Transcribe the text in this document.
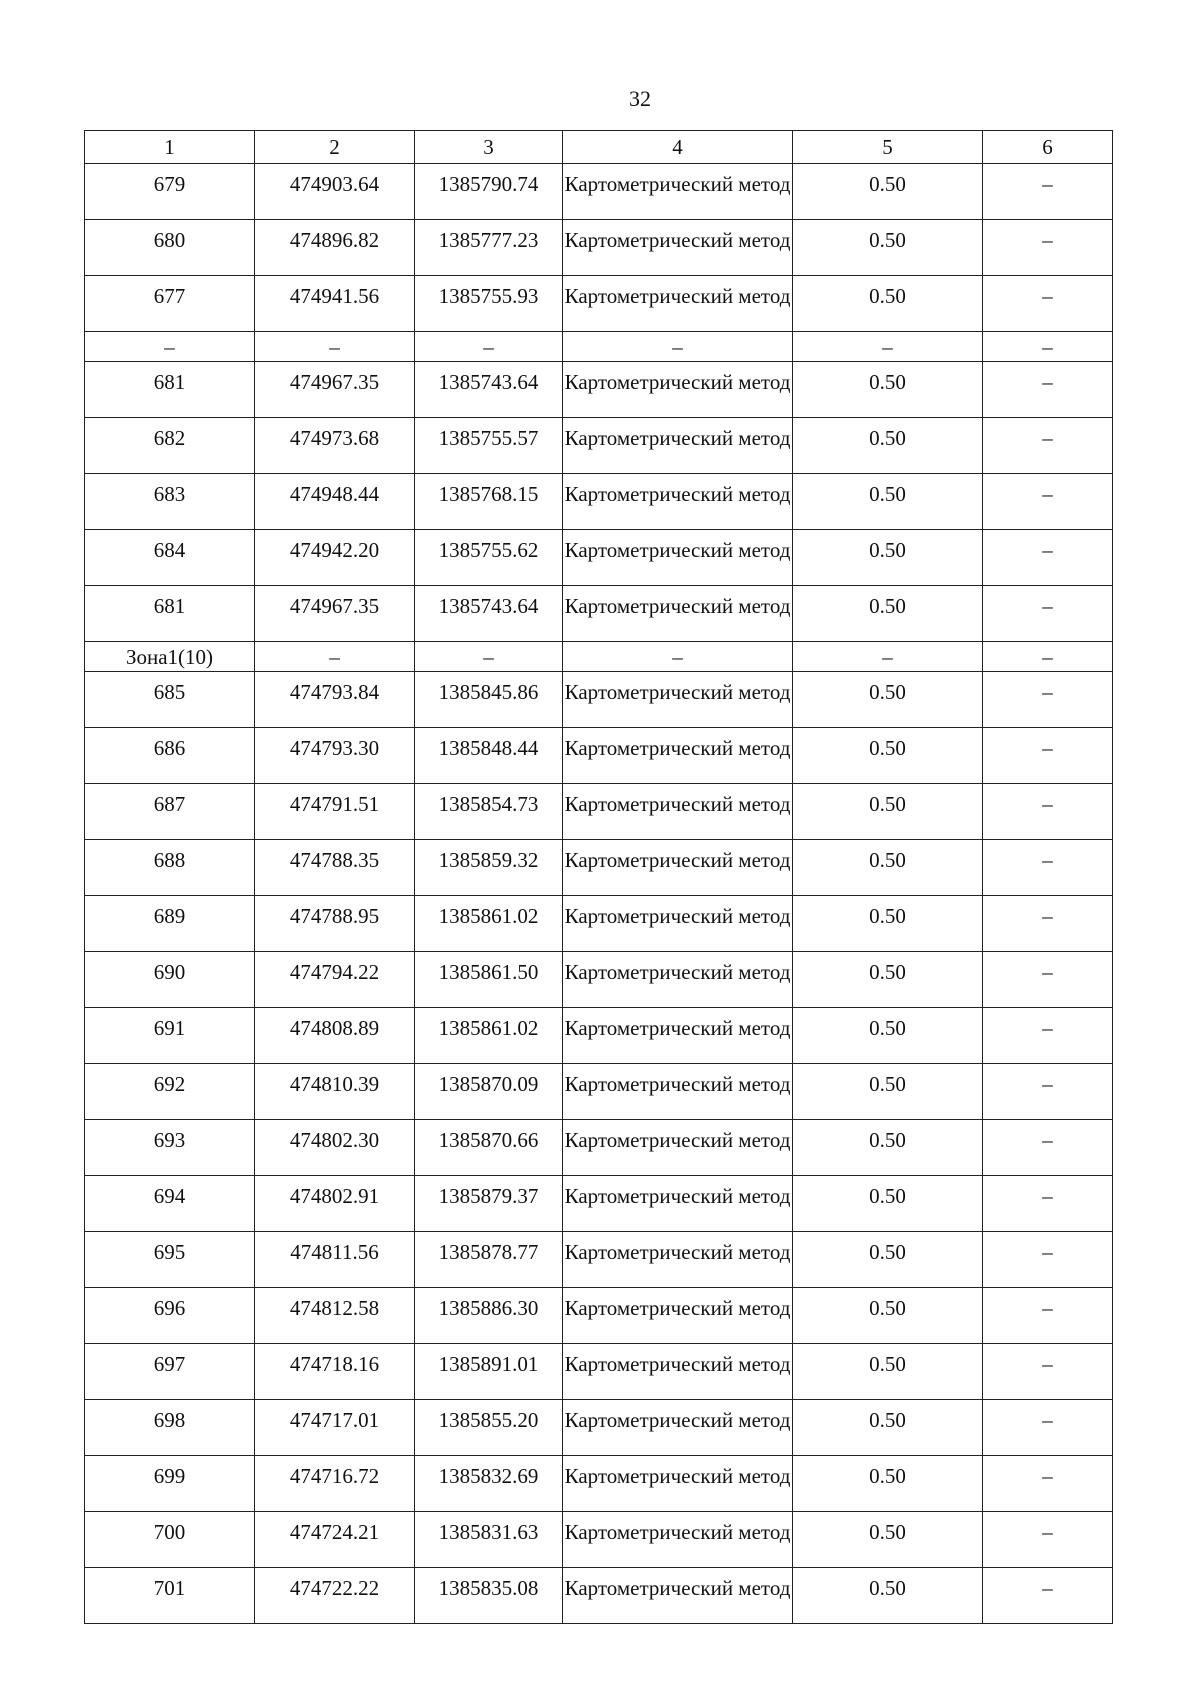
32
1	2	3	4	5	6
679	474903.64	1385790.74	Картометрический метод	0.50	–
680	474896.82	1385777.23	Картометрический метод	0.50	–
677	474941.56	1385755.93	Картометрический метод	0.50	–
–	–	–	–	–	–
681	474967.35	1385743.64	Картометрический метод	0.50	–
682	474973.68	1385755.57	Картометрический метод	0.50	–
683	474948.44	1385768.15	Картометрический метод	0.50	–
684	474942.20	1385755.62	Картометрический метод	0.50	–
681	474967.35	1385743.64	Картометрический метод	0.50	–
Зона1(10)	–	–	–	–	–
685	474793.84	1385845.86	Картометрический метод	0.50	–
686	474793.30	1385848.44	Картометрический метод	0.50	–
687	474791.51	1385854.73	Картометрический метод	0.50	–
688	474788.35	1385859.32	Картометрический метод	0.50	–
689	474788.95	1385861.02	Картометрический метод	0.50	–
690	474794.22	1385861.50	Картометрический метод	0.50	–
691	474808.89	1385861.02	Картометрический метод	0.50	–
692	474810.39	1385870.09	Картометрический метод	0.50	–
693	474802.30	1385870.66	Картометрический метод	0.50	–
694	474802.91	1385879.37	Картометрический метод	0.50	–
695	474811.56	1385878.77	Картометрический метод	0.50	–
696	474812.58	1385886.30	Картометрический метод	0.50	–
697	474718.16	1385891.01	Картометрический метод	0.50	–
698	474717.01	1385855.20	Картометрический метод	0.50	–
699	474716.72	1385832.69	Картометрический метод	0.50	–
700	474724.21	1385831.63	Картометрический метод	0.50	–
701	474722.22	1385835.08	Картометрический метод	0.50	–
